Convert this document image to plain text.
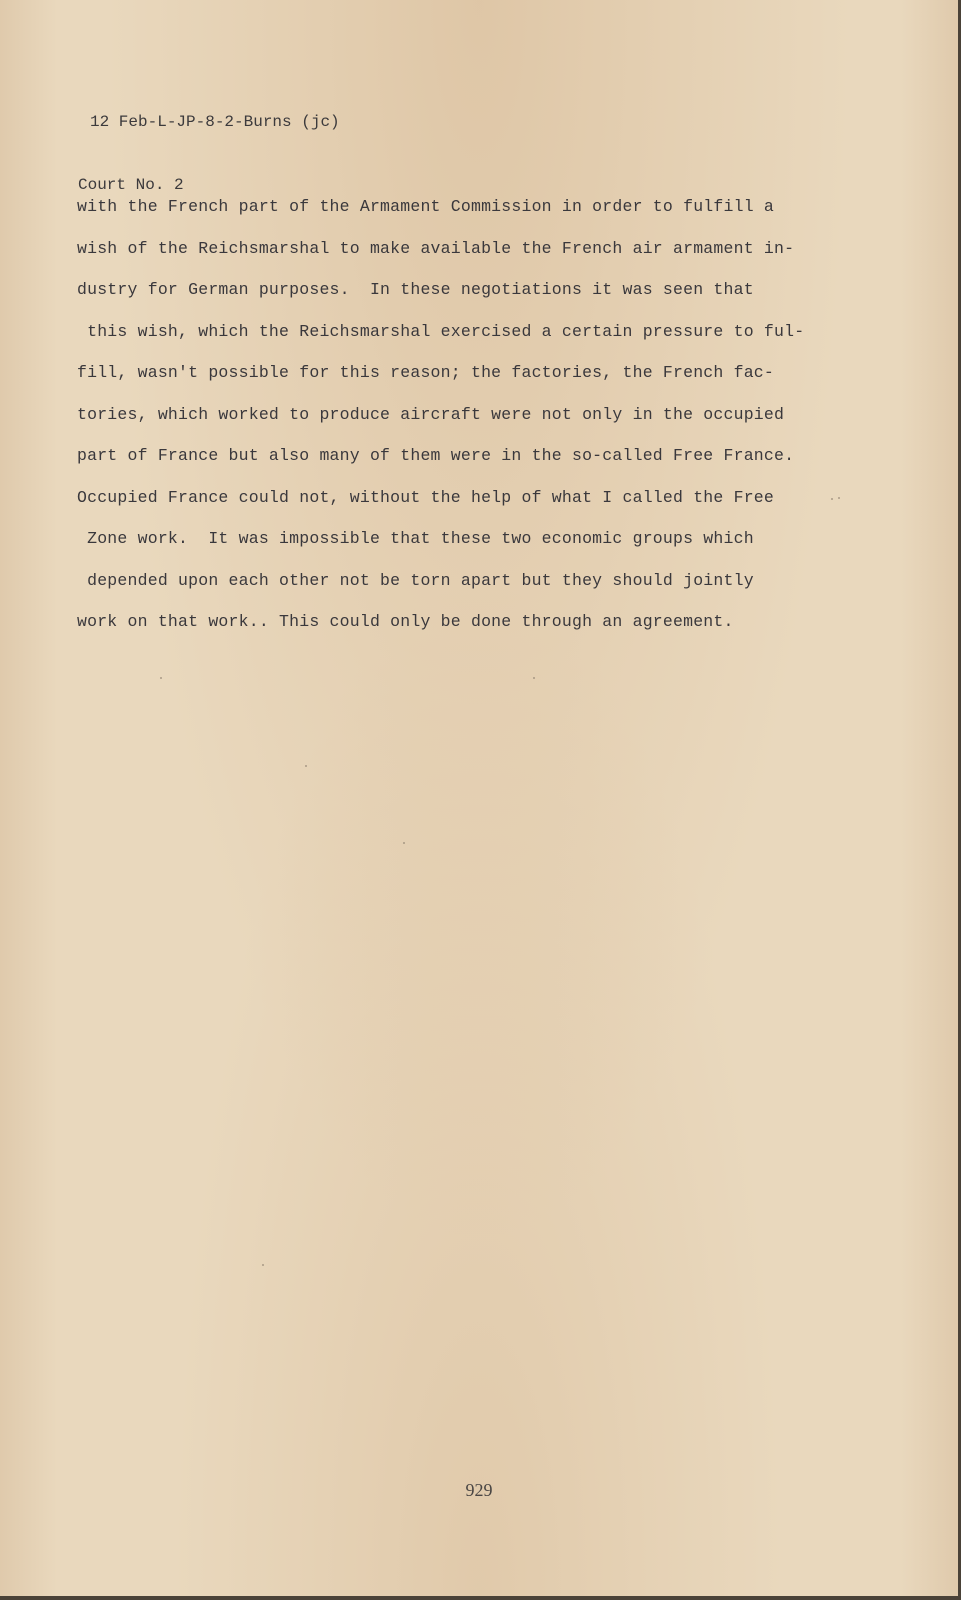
12 Feb-L-JP-8-2-Burns (jc)

Court No. 2

with the French part of the Armament Commission in order to fulfill a
wish of the Reichsmarshal to make available the French air armament in-
dustry for German purposes.  In these negotiations it was seen that
this wish, which the Reichsmarshal exercised a certain pressure to ful-
fill, wasn't possible for this reason; the factories, the French fac-
tories, which worked to produce aircraft were not only in the occupied
part of France but also many of them were in the so-called Free France.
Occupied France could not, without the help of what I called the Free
Zone work.  It was impossible that these two economic groups which
depended upon each other not be torn apart but they should jointly
work on that work.. This could only be done through an agreement.
929
